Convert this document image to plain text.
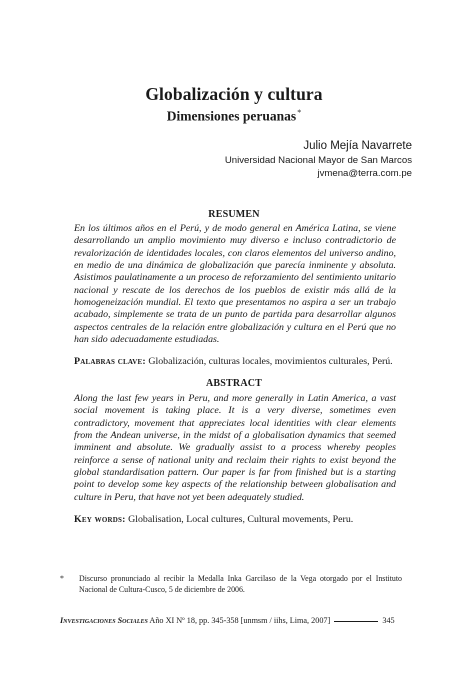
Globalización y cultura
Dimensiones peruanas*
Julio Mejía Navarrete
Universidad Nacional Mayor de San Marcos
jvmena@terra.com.pe
RESUMEN
En los últimos años en el Perú, y de modo general en América Latina, se viene desarrollando un amplio movimiento muy diverso e incluso contradictorio de revalorización de identidades locales, con claros elementos del universo andino, en medio de una dinámica de globalización que parecía inminente y absoluta. Asistimos paulatinamente a un proceso de reforzamiento del sentimiento unitario nacional y rescate de los derechos de los pueblos de existir más allá de la homogeneización mundial. El texto que presentamos no aspira a ser un trabajo acabado, simplemente se trata de un punto de partida para desarrollar algunos aspectos centrales de la relación entre globalización y cultura en el Perú que no han sido adecuadamente estudiadas.
Palabras clave: Globalización, culturas locales, movimientos culturales, Perú.
ABSTRACT
Along the last few years in Peru, and more generally in Latin America, a vast social movement is taking place. It is a very diverse, sometimes even contradictory, movement that appreciates local identities with clear elements from the Andean universe, in the midst of a globalisation dynamics that seemed imminent and absolute. We gradually assist to a process whereby peoples reinforce a sense of national unity and reclaim their rights to exist beyond the global standardisation pattern. Our paper is far from finished but is a starting point to develop some key aspects of the relationship between globalisation and culture in Peru, that have not yet been adequately studied.
Key words: Globalisation, Local cultures, Cultural movements, Peru.
* Discurso pronunciado al recibir la Medalla Inka Garcilaso de la Vega otorgado por el Instituto Nacional de Cultura-Cusco, 5 de diciembre de 2006.
Investigaciones Sociales Año XI Nº 18, pp. 345-358 [unmsm / iihs, Lima, 2007]	345
